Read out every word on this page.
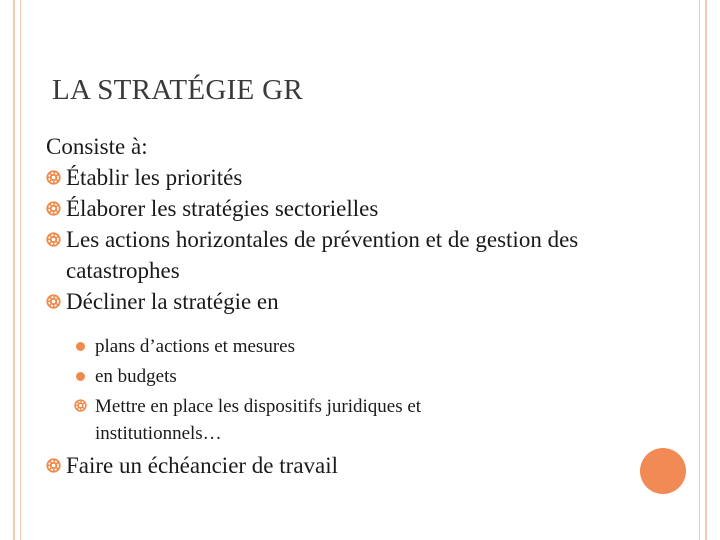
LA STRATÉGIE GR
Consiste à:
Établir les priorités
Élaborer les stratégies sectorielles
Les actions horizontales de prévention et de gestion des catastrophes
Décliner la stratégie en
plans d’actions et mesures
en budgets
Mettre en place les dispositifs juridiques et institutionnels…
Faire un échéancier de travail
